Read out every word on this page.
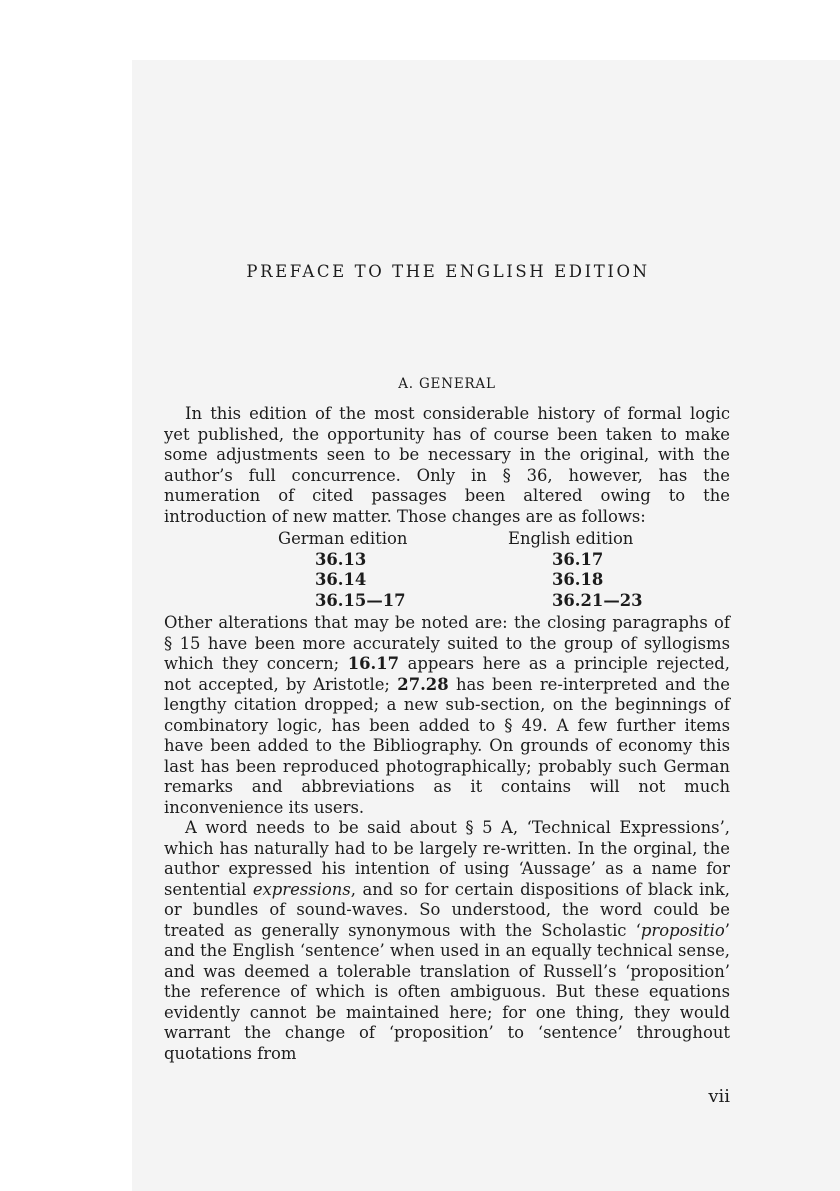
PREFACE TO THE ENGLISH EDITION
A. GENERAL

In this edition of the most considerable history of formal logic yet published, the opportunity has of course been taken to make some adjustments seen to be necessary in the original, with the author’s full concurrence. Only in § 36, however, has the numeration of cited passages been altered owing to the introduction of new matter. Those changes are as follows:

German edition	English edition
36.13	36.17
36.14	36.18
36.15—17	36.21—23

Other alterations that may be noted are: the closing paragraphs of § 15 have been more accurately suited to the group of syllogisms which they concern; 16.17 appears here as a principle rejected, not accepted, by Aristotle; 27.28 has been re-interpreted and the lengthy citation dropped; a new sub-section, on the beginnings of combinatory logic, has been added to § 49. A few further items have been added to the Bibliography. On grounds of economy this last has been reproduced photographically; probably such German remarks and abbreviations as it contains will not much inconvenience its users.

A word needs to be said about § 5 A, ‘Technical Expressions’, which has naturally had to be largely re-written. In the orginal, the author expressed his intention of using ‘Aussage’ as a name for sentential expressions, and so for certain dispositions of black ink, or bundles of sound-waves. So understood, the word could be treated as generally synonymous with the Scholastic ‘propositio’ and the English ‘sentence’ when used in an equally technical sense, and was deemed a tolerable translation of Russell’s ‘proposition’ the reference of which is often ambiguous. But these equations evidently cannot be maintained here; for one thing, they would warrant the change of ‘proposition’ to ‘sentence’ throughout quotations from

vii
